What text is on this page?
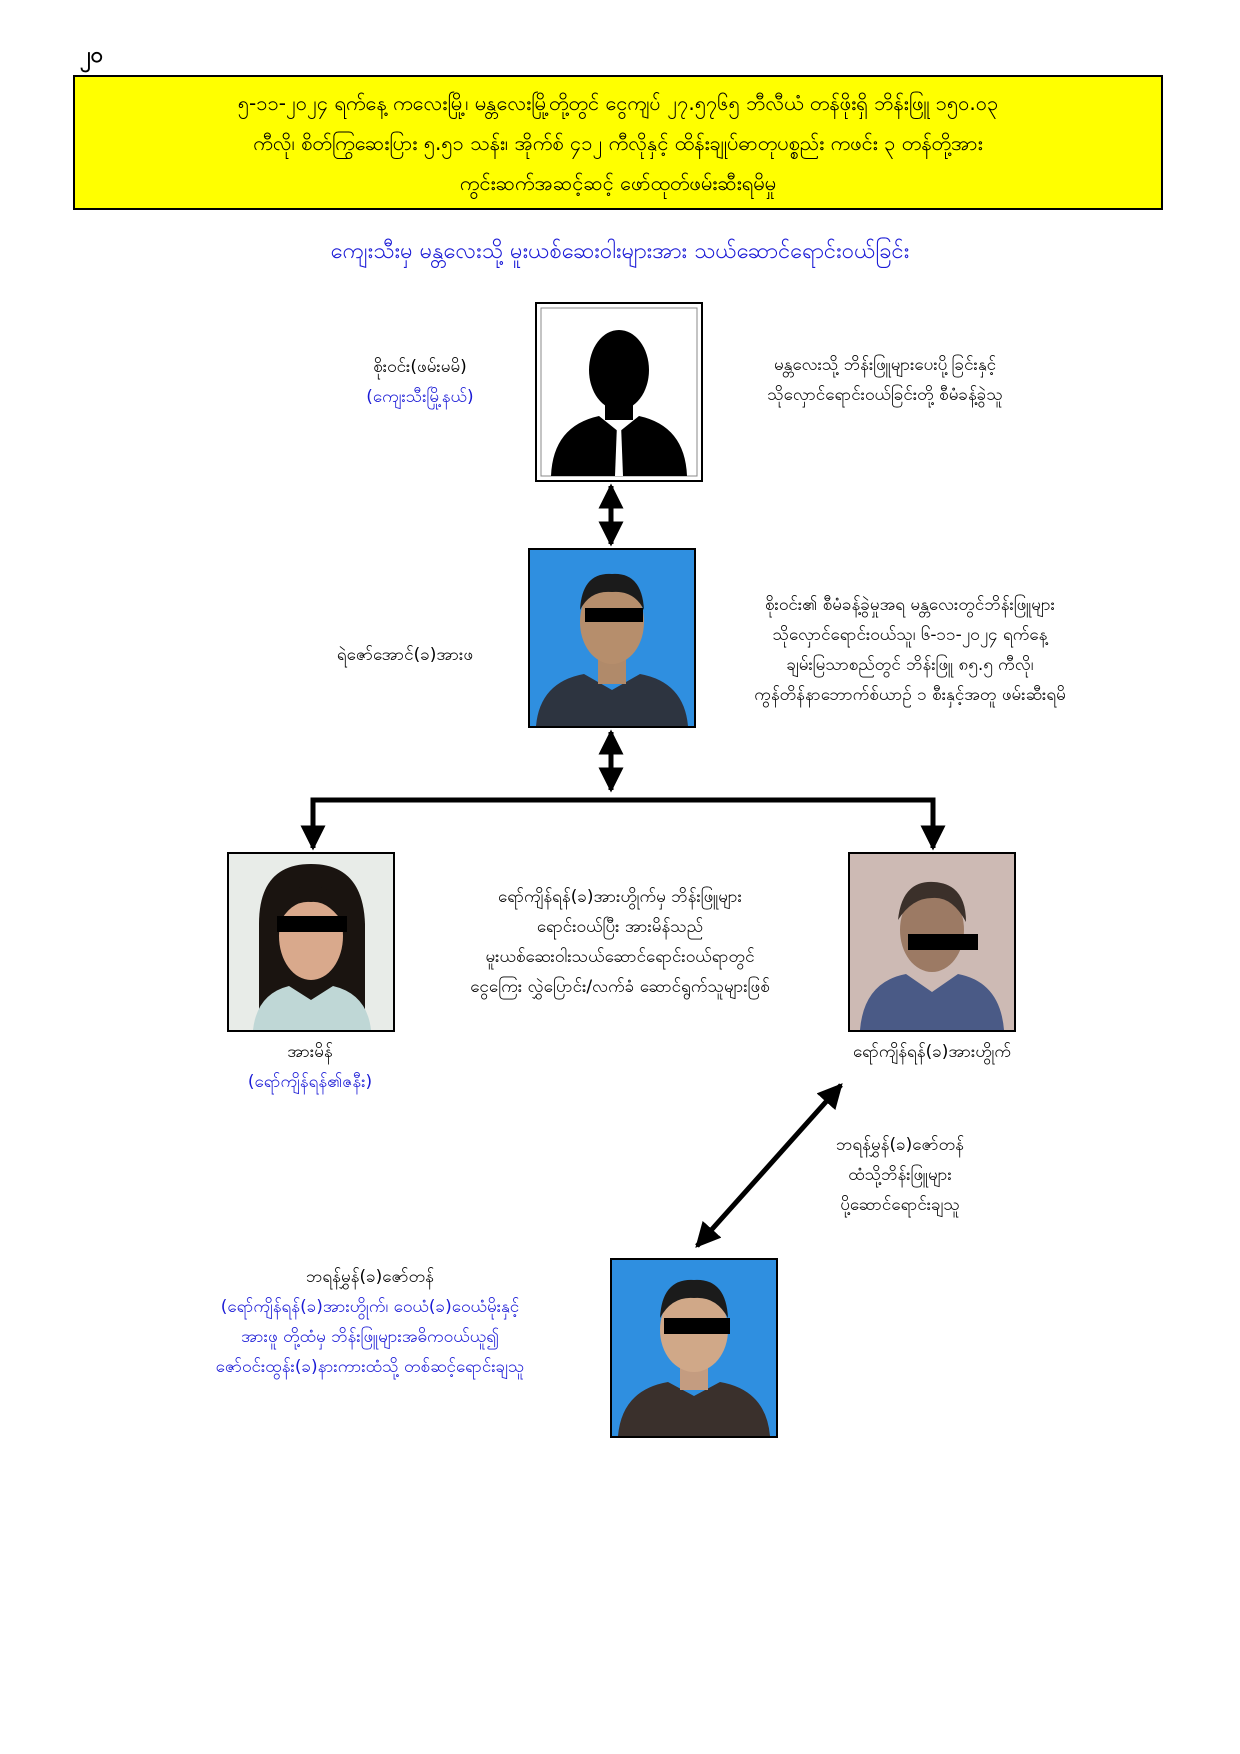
၂၀
၅-၁၁-၂၀၂၄ ရက်နေ့ ကလေးမြို့၊ မန္တလေးမြို့တို့တွင် ငွေကျပ် ၂၇.၅၇၆၅ ဘီလီယံ တန်ဖိုးရှိ ဘိန်းဖြူ ၁၅၀.၀၃
ကီလို၊ စိတ်ကြွဆေးပြား ၅.၅၁ သန်း၊ အိုက်စ် ၄၁၂ ကီလိုနှင့် ထိန်းချုပ်ဓာတုပစ္စည်း ကဖင်း ၃ တန်တို့အား
ကွင်းဆက်အဆင့်ဆင့် ဖော်ထုတ်ဖမ်းဆီးရမိမှု
ကျေးသီးမှ မန္တလေးသို့ မူးယစ်ဆေးဝါးများအား သယ်ဆောင်ရောင်းဝယ်ခြင်း
စိုးဝင်း(ဖမ်းမမိ)
(ကျေးသီးမြို့နယ်)
မန္တလေးသို့ ဘိန်းဖြူများပေးပို့ခြင်းနှင့်
သိုလှောင်ရောင်းဝယ်ခြင်းတို့ စီမံခန့်ခွဲသူ
ရဲဇော်အောင်(ခ)အားဖ
စိုးဝင်း၏ စီမံခန့်ခွဲမှုအရ မန္တလေးတွင်ဘိန်းဖြူများ
သိုလှောင်ရောင်းဝယ်သူ၊ ၆-၁၁-၂၀၂၄ ရက်နေ့
ချမ်းမြသာစည်တွင် ဘိန်းဖြူ ၈၅.၅ ကီလို၊
ကွန်တိန်နာဘောက်စ်ယာဉ် ၁ စီးနှင့်အတူ ဖမ်းဆီးရမိ
အားမိန်
(ရော်ကျိန်ရန်၏ဇနီး)
ရော်ကျိန်ရန်(ခ)အားဟွိုက်မှ ဘိန်းဖြူများ
ရောင်းဝယ်ပြီး အားမိန်သည်
မူးယစ်ဆေးဝါးသယ်ဆောင်ရောင်းဝယ်ရာတွင်
ငွေကြေး လွှဲပြောင်း/လက်ခံ ဆောင်ရွက်သူများဖြစ်
ရော်ကျိန်ရန်(ခ)အားဟွိုက်
ဘရန်မွှန်(ခ)ဇော်တန်
ထံသို့ဘိန်းဖြူများ
ပို့ဆောင်ရောင်းချသူ
ဘရန်မွှန်(ခ)ဇော်တန်
(ရော်ကျိန်ရန်(ခ)အားဟွိုက်၊ ဝေယံ(ခ)ဝေယံမိုးနှင့်
အားဖူ တို့ထံမှ ဘိန်းဖြူများအဓိကဝယ်ယူ၍
ဇော်ဝင်းထွန်း(ခ)နားကားထံသို့ တစ်ဆင့်ရောင်းချသူ
